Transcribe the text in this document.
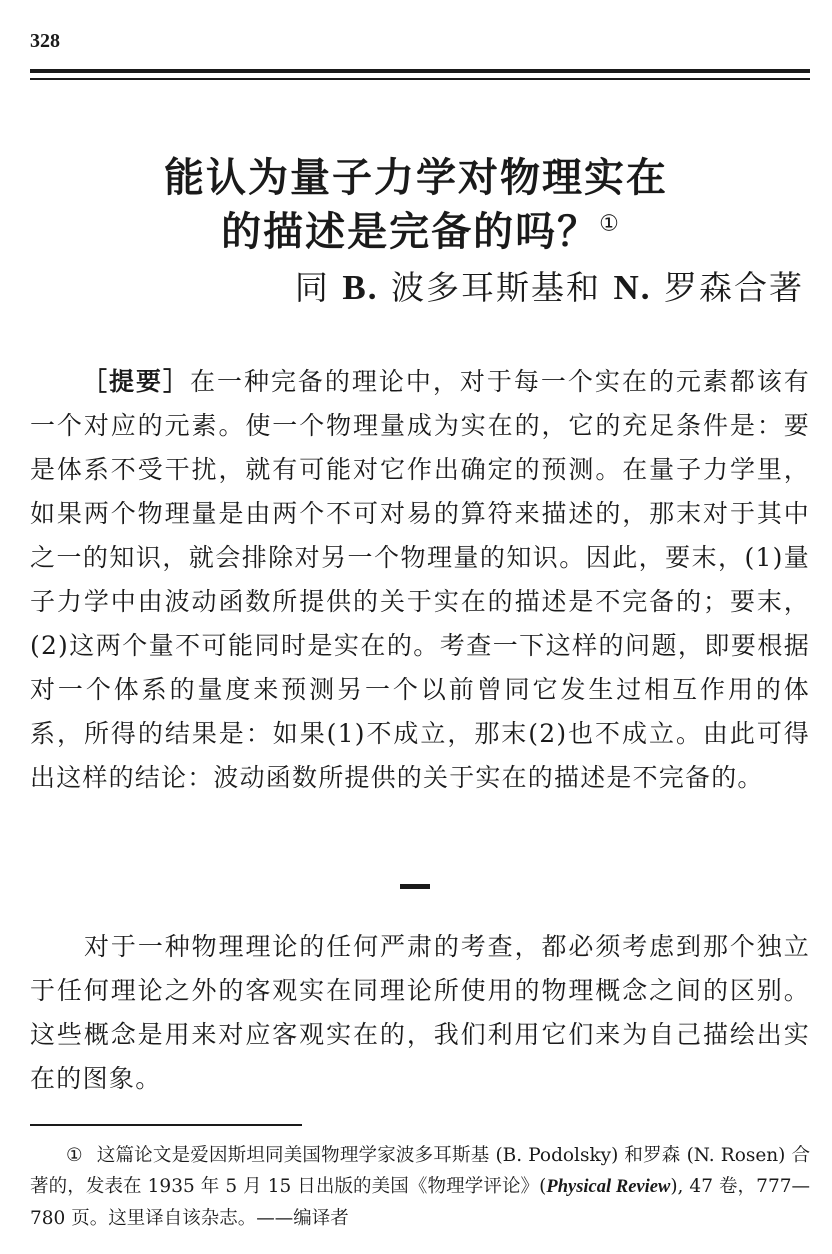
328
能认为量子力学对物理实在
的描述是完备的吗？①
同 B. 波多耳斯基和 N. 罗森合著
［提要］在一种完备的理论中，对于每一个实在的元素都该有一个对应的元素。使一个物理量成为实在的，它的充足条件是：要是体系不受干扰，就有可能对它作出确定的预测。在量子力学里，如果两个物理量是由两个不可对易的算符来描述的，那末对于其中之一的知识，就会排除对另一个物理量的知识。因此，要末，(1)量子力学中由波动函数所提供的关于实在的描述是不完备的；要末，(2)这两个量不可能同时是实在的。考查一下这样的问题，即要根据对一个体系的量度来预测另一个以前曾同它发生过相互作用的体系，所得的结果是：如果(1)不成立，那末(2)也不成立。由此可得出这样的结论：波动函数所提供的关于实在的描述是不完备的。
对于一种物理理论的任何严肃的考查，都必须考虑到那个独立于任何理论之外的客观实在同理论所使用的物理概念之间的区别。这些概念是用来对应客观实在的，我们利用它们来为自己描绘出实在的图象。
① 这篇论文是爱因斯坦同美国物理学家波多耳斯基 (B. Podolsky) 和罗森 (N. Rosen) 合著的，发表在 1935 年 5 月 15 日出版的美国《物理学评论》(Physical Review), 47 卷，777—780 页。这里译自该杂志。——编译者
